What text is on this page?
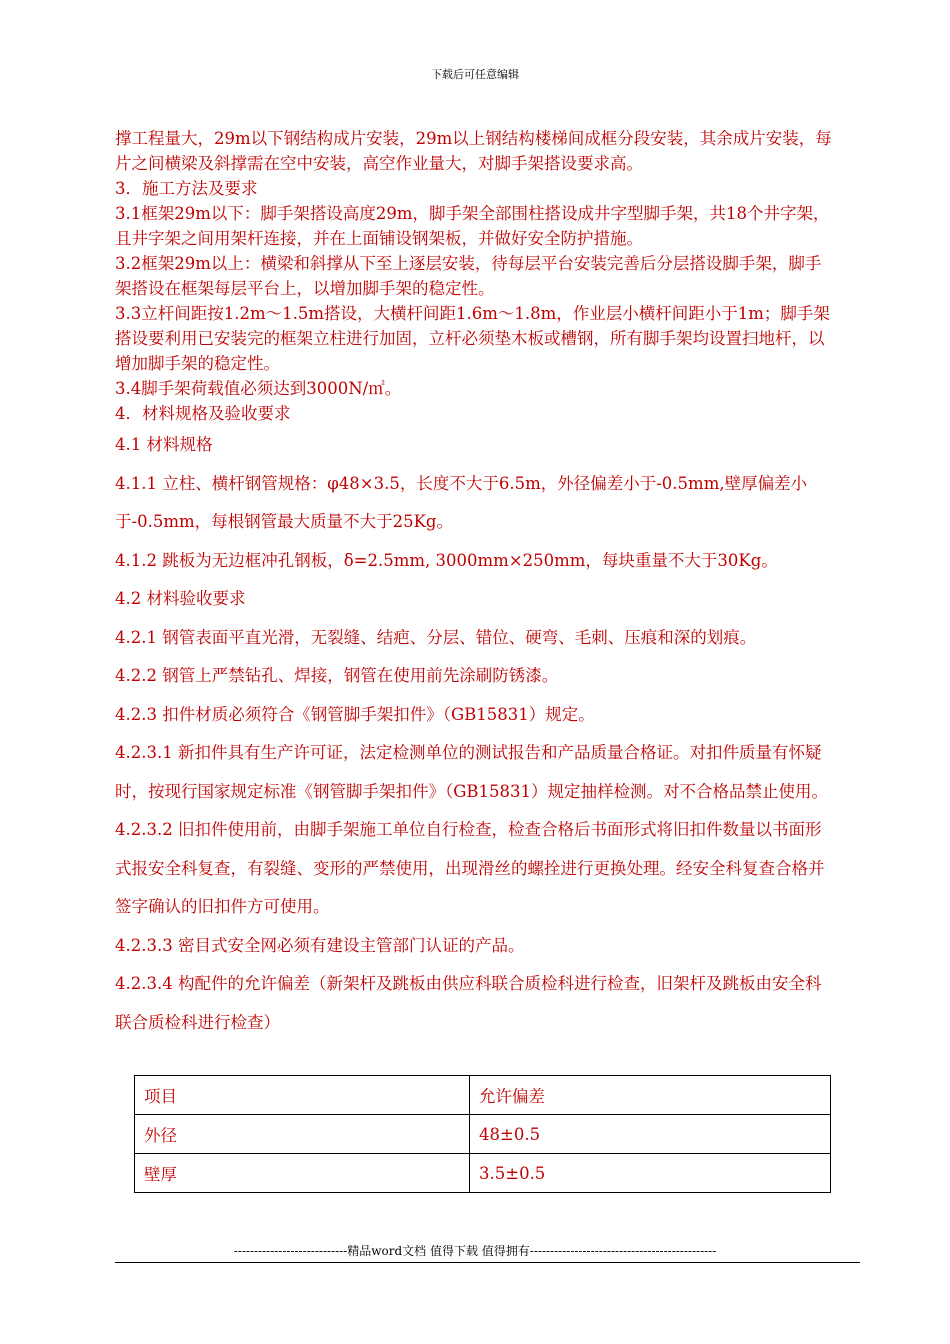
下载后可任意编辑

撑工程量大，29m以下钢结构成片安装，29m以上钢结构楼梯间成框分段安装，其余成片安装，每片之间横梁及斜撑需在空中安装，高空作业量大，对脚手架搭设要求高。

3．施工方法及要求

3.1框架29m以下：脚手架搭设高度29m，脚手架全部围柱搭设成井字型脚手架，共18个井字架，且井字架之间用架杆连接，并在上面铺设钢架板，并做好安全防护措施。

3.2框架29m以上：横梁和斜撑从下至上逐层安装，待每层平台安装完善后分层搭设脚手架，脚手架搭设在框架每层平台上，以增加脚手架的稳定性。

3.3立杆间距按1.2m～1.5m搭设，大横杆间距1.6m～1.8m，作业层小横杆间距小于1m；脚手架搭设要利用已安装完的框架立柱进行加固，立杆必须垫木板或槽钢，所有脚手架均设置扫地杆，以增加脚手架的稳定性。

3.4脚手架荷载值必须达到3000N/㎡。

4．材料规格及验收要求

4.1 材料规格

4.1.1 立柱、横杆钢管规格：φ48×3.5，长度不大于6.5m，外径偏差小于-0.5mm,壁厚偏差小于-0.5mm，每根钢管最大质量不大于25Kg。

4.1.2 跳板为无边框冲孔钢板，δ=2.5mm, 3000mm×250mm，每块重量不大于30Kg。

4.2 材料验收要求

4.2.1 钢管表面平直光滑，无裂缝、结疤、分层、错位、硬弯、毛刺、压痕和深的划痕。

4.2.2 钢管上严禁钻孔、焊接，钢管在使用前先涂刷防锈漆。

4.2.3 扣件材质必须符合《钢管脚手架扣件》（GB15831）规定。

4.2.3.1 新扣件具有生产许可证，法定检测单位的测试报告和产品质量合格证。对扣件质量有怀疑时，按现行国家规定标准《钢管脚手架扣件》（GB15831）规定抽样检测。对不合格品禁止使用。

4.2.3.2 旧扣件使用前，由脚手架施工单位自行检查，检查合格后书面形式将旧扣件数量以书面形式报安全科复查，有裂缝、变形的严禁使用，出现滑丝的螺拴进行更换处理。经安全科复查合格并签字确认的旧扣件方可使用。

4.2.3.3 密目式安全网必须有建设主管部门认证的产品。

4.2.3.4 构配件的允许偏差（新架杆及跳板由供应科联合质检科进行检查，旧架杆及跳板由安全科联合质检科进行检查）

项目	允许偏差
外径	48±0.5
壁厚	3.5±0.5
----------------------------精品word文档 值得下载 值得拥有----------------------------------------------
